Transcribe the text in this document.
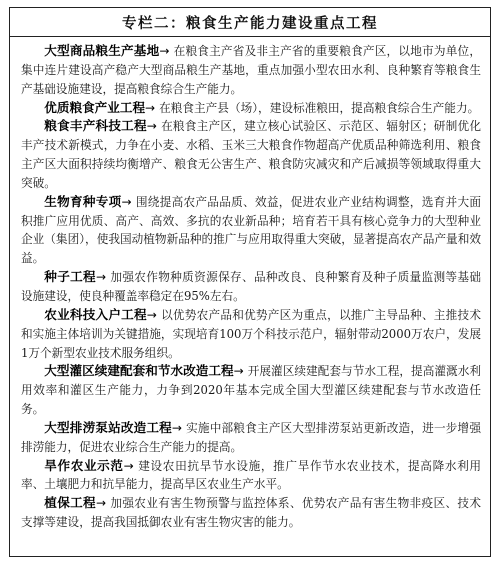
专栏二：粮食生产能力建设重点工程

大型商品粮生产基地→ 在粮食主产省及非主产省的重要粮食产区，以地市为单位，集中连片建设高产稳产大型商品粮生产基地，重点加强小型农田水利、良种繁育等粮食生产基础设施建设，提高粮食综合生产能力。

优质粮食产业工程→ 在粮食主产县（场），建设标准粮田，提高粮食综合生产能力。

粮食丰产科技工程→ 在粮食主产区，建立核心试验区、示范区、辐射区；研制优化丰产技术新模式，力争在小麦、水稻、玉米三大粮食作物超高产优质品种筛选利用、粮食主产区大面积持续均衡增产、粮食无公害生产、粮食防灾减灾和产后减损等领域取得重大突破。

生物育种专项→ 围绕提高农产品品质、效益，促进农业产业结构调整，选育并大面积推广应用优质、高产、高效、多抗的农业新品种；培育若干具有核心竞争力的大型种业企业（集团），使我国动植物新品种的推广与应用取得重大突破，显著提高农产品产量和效益。

种子工程→ 加强农作物种质资源保存、品种改良、良种繁育及种子质量监测等基础设施建设，使良种覆盖率稳定在95%左右。

农业科技入户工程→ 以优势农产品和优势产区为重点，以推广主导品种、主推技术和实施主体培训为关键措施，实现培育100万个科技示范户，辐射带动2000万农户，发展1万个新型农业技术服务组织。

大型灌区续建配套和节水改造工程→ 开展灌区续建配套与节水工程，提高灌溉水利用效率和灌区生产能力，力争到2020年基本完成全国大型灌区续建配套与节水改造任务。

大型排涝泵站改造工程→ 实施中部粮食主产区大型排涝泵站更新改造，进一步增强排涝能力，促进农业综合生产能力的提高。

旱作农业示范→ 建设农田抗旱节水设施，推广旱作节水农业技术，提高降水利用率、土壤肥力和抗旱能力，提高旱区农业生产水平。

植保工程→ 加强农业有害生物预警与监控体系、优势农产品有害生物非疫区、技术支撑等建设，提高我国抵御农业有害生物灾害的能力。
